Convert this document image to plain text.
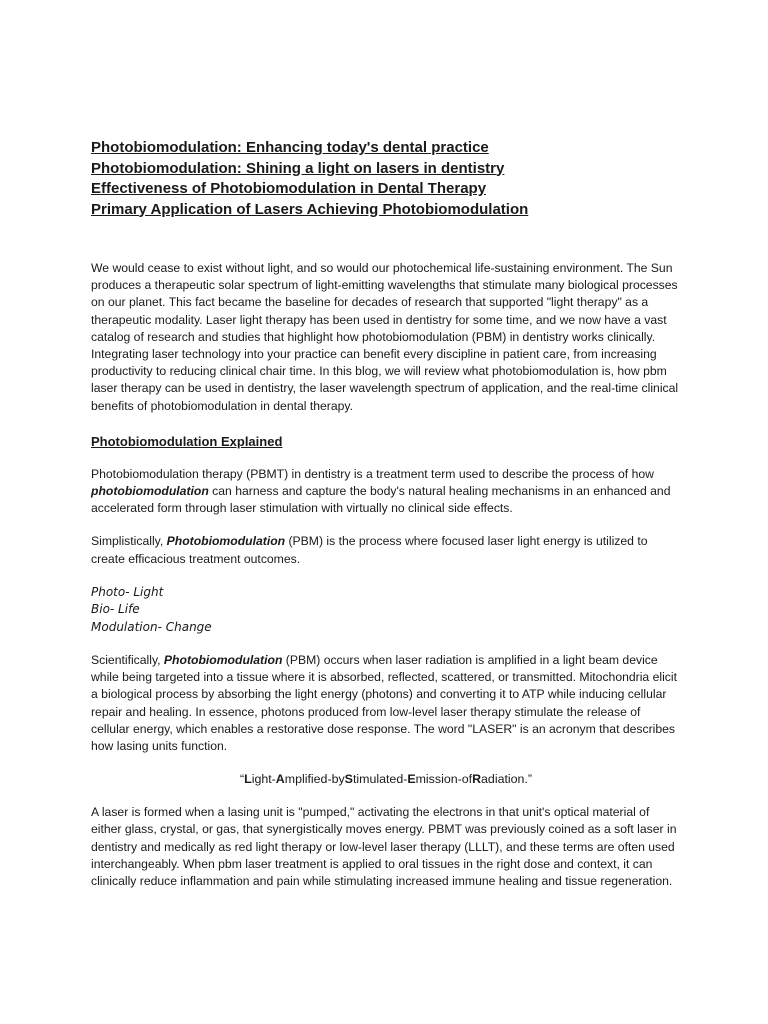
Photobiomodulation: Enhancing today's dental practice
Photobiomodulation: Shining a light on lasers in dentistry
Effectiveness of Photobiomodulation in Dental Therapy
Primary Application of Lasers Achieving Photobiomodulation

We would cease to exist without light, and so would our photochemical life-sustaining environment. The Sun produces a therapeutic solar spectrum of light-emitting wavelengths that stimulate many biological processes on our planet. This fact became the baseline for decades of research that supported "light therapy" as a therapeutic modality. Laser light therapy has been used in dentistry for some time, and we now have a vast catalog of research and studies that highlight how photobiomodulation (PBM) in dentistry works clinically. Integrating laser technology into your practice can benefit every discipline in patient care, from increasing productivity to reducing clinical chair time. In this blog, we will review what photobiomodulation is, how pbm laser therapy can be used in dentistry, the laser wavelength spectrum of application, and the real-time clinical benefits of photobiomodulation in dental therapy.

Photobiomodulation Explained

Photobiomodulation therapy (PBMT) in dentistry is a treatment term used to describe the process of how photobiomodulation can harness and capture the body's natural healing mechanisms in an enhanced and accelerated form through laser stimulation with virtually no clinical side effects.

Simplistically, Photobiomodulation (PBM) is the process where focused laser light energy is utilized to create efficacious treatment outcomes.

Photo- Light
Bio- Life
Modulation- Change

Scientifically, Photobiomodulation (PBM) occurs when laser radiation is amplified in a light beam device while being targeted into a tissue where it is absorbed, reflected, scattered, or transmitted. Mitochondria elicit a biological process by absorbing the light energy (photons) and converting it to ATP while inducing cellular repair and healing. In essence, photons produced from low-level laser therapy stimulate the release of cellular energy, which enables a restorative dose response. The word "LASER" is an acronym that describes how lasing units function.

“Light-Amplified-byStimulated-Emission-ofRadiation.”

A laser is formed when a lasing unit is "pumped," activating the electrons in that unit's optical material of either glass, crystal, or gas, that synergistically moves energy. PBMT was previously coined as a soft laser in dentistry and medically as red light therapy or low-level laser therapy (LLLT), and these terms are often used interchangeably. When pbm laser treatment is applied to oral tissues in the right dose and context, it can clinically reduce inflammation and pain while stimulating increased immune healing and tissue regeneration.
